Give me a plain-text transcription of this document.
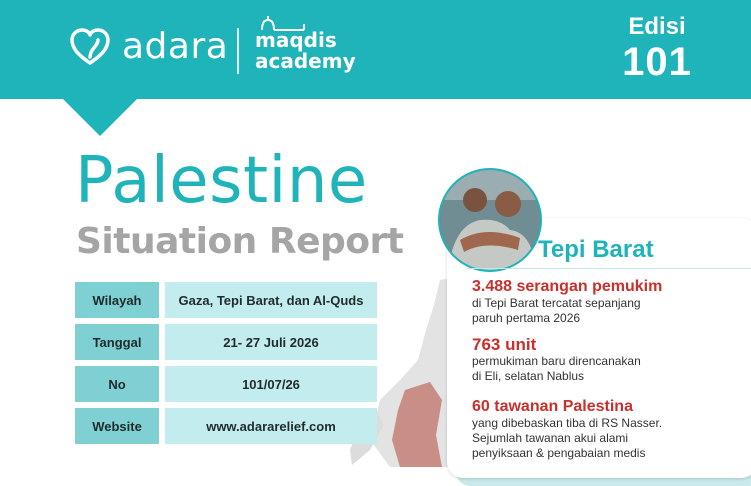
adara maqdis
academy
Edisi
101
Palestine
Situation Report
Wilayah	Gaza, Tepi Barat, dan Al-Quds
Tanggal	21- 27 Juli 2026
No	101/07/26
Website	www.adararelief.com
Tepi Barat
3.488 serangan pemukim
di Tepi Barat tercatat sepanjang
paruh pertama 2026
763 unit
permukiman baru direncanakan
di Eli, selatan Nablus
60 tawanan Palestina
yang dibebaskan tiba di RS Nasser.
Sejumlah tawanan akui alami
penyiksaan & pengabaian medis
